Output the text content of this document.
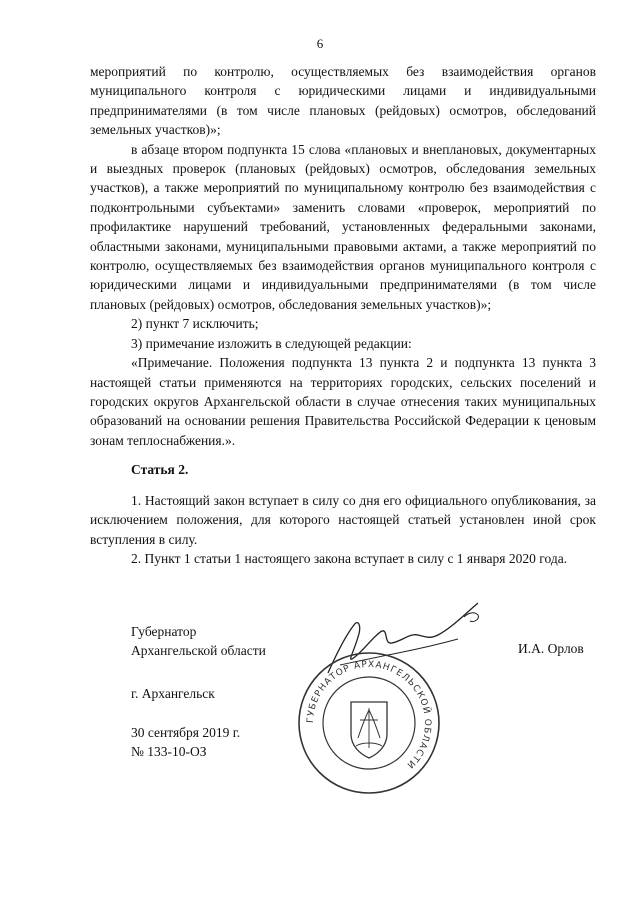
6

мероприятий по контролю, осуществляемых без взаимодействия органов муниципального контроля с юридическими лицами и индивидуальными предпринимателями (в том числе плановых (рейдовых) осмотров, обследований земельных участков)»;

в абзаце втором подпункта 15 слова «плановых и внеплановых, документарных и выездных проверок (плановых (рейдовых) осмотров, обследования земельных участков), а также мероприятий по муниципальному контролю без взаимодействия с подконтрольными субъектами» заменить словами «проверок, мероприятий по профилактике нарушений требований, установленных федеральными законами, областными законами, муниципальными правовыми актами, а также мероприятий по контролю, осуществляемых без взаимодействия органов муниципального контроля с юридическими лицами и индивидуальными предпринимателями (в том числе плановых (рейдовых) осмотров, обследования земельных участков)»;

2) пункт 7 исключить;

3) примечание изложить в следующей редакции:

«Примечание. Положения подпункта 13 пункта 2 и подпункта 13 пункта 3 настоящей статьи применяются на территориях городских, сельских поселений и городских округов Архангельской области в случае отнесения таких муниципальных образований на основании решения Правительства Российской Федерации к ценовым зонам теплоснабжения.».

Статья 2.

1. Настоящий закон вступает в силу со дня его официального опубликования, за исключением положения, для которого настоящей статьей установлен иной срок вступления в силу.

2. Пункт 1 статьи 1 настоящего закона вступает в силу с 1 января 2020 года.

Губернатор
Архангельской области	И.А. Орлов
ГУБЕРНАТОР АРХАНГЕЛЬСКОЙ ОБЛАСТИ
г. Архангельск
30 сентября 2019 г.
№ 133-10-ОЗ
